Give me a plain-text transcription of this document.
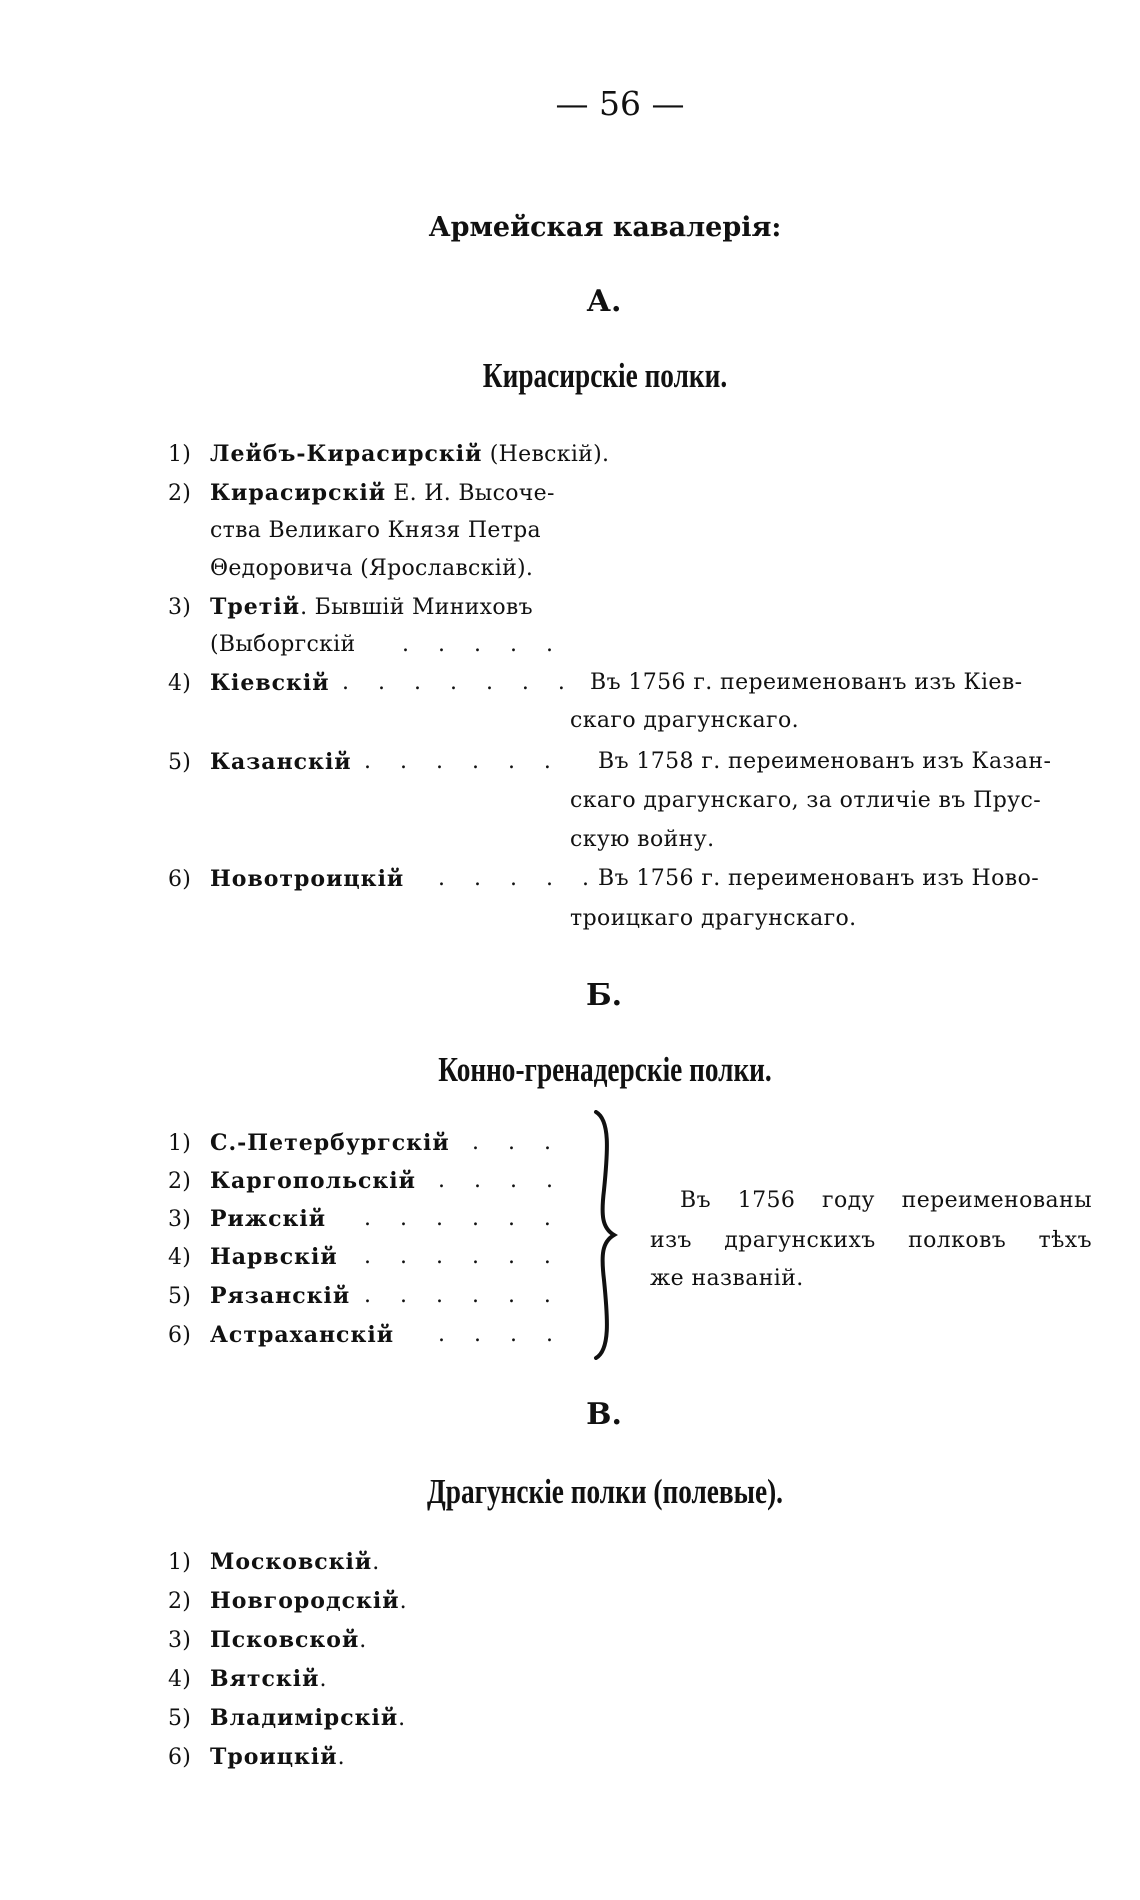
— 56 —
Армейская кавалерія:
А.
Кирасирскіе полки.
1) Лейбъ-Кирасирскій (Невскій).
2) Кирасирскій Е. И. Высоче-
ства Великаго Князя Петра
Θедоровича (Ярославскій).
3) Третій. Бывшій Миниховъ
(Выборгскій . . . . .
4) Кіевскій . . . . . . . Въ 1756 г. переименованъ изъ Кіев-
скаго драгунскаго.
5) Казанскій . . . . . . Въ 1758 г. переименованъ изъ Казан-
скаго драгунскаго, за отличіе въ Прус-
скую войну.
6) Новотроицкій . . . . .
Въ 1756 г. переименованъ изъ Ново-
троицкаго драгунскаго.
Б.
Конно-гренадерскіе полки.
1) С.-Петербургскій . . .
2) Каргопольскій . . . .
3) Рижскій . . . . . .
4) Нарвскій . . . . . .
5) Рязанскій . . . . . .
6) Астраханскій . . . .
Въ 1756 году переименованы
изъ драгунскихъ полковъ тѣхъ
же названій.
В.
Драгунскіе полки (полевые).
1) Московскій.
2) Новгородскій.
3) Псковской.
4) Вятскій.
5) Владимірскій.
6) Троицкій.
